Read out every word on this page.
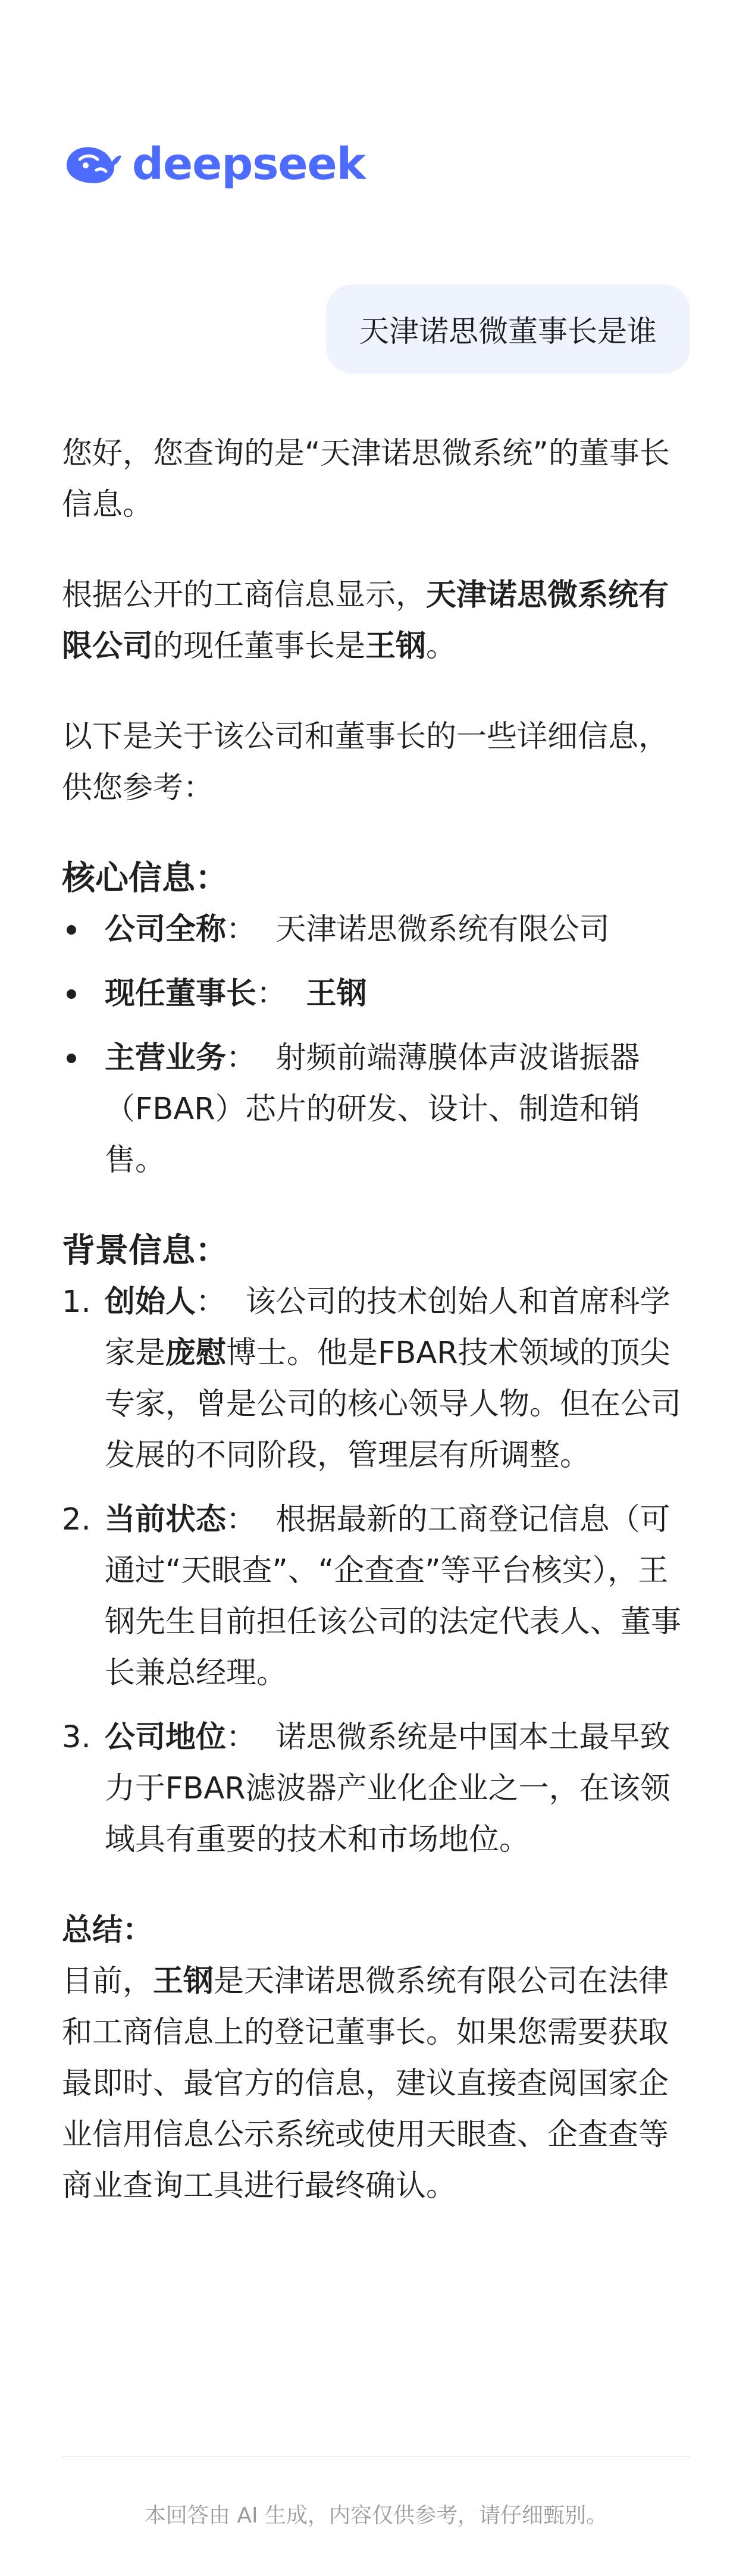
deepseek
天津诺思微董事长是谁

您好，您查询的是“天津诺思微系统”的董事长信息。

根据公开的工商信息显示，天津诺思微系统有限公司的现任董事长是王钢。

以下是关于该公司和董事长的一些详细信息，供您参考：

核心信息：

公司全称： 天津诺思微系统有限公司
现任董事长： 王钢
主营业务： 射频前端薄膜体声波谐振器（FBAR）芯片的研发、设计、制造和销售。

背景信息：

1. 创始人： 该公司的技术创始人和首席科学家是庞慰博士。他是FBAR技术领域的顶尖专家，曾是公司的核心领导人物。但在公司发展的不同阶段，管理层有所调整。
2. 当前状态： 根据最新的工商登记信息（可通过“天眼查”、“企查查”等平台核实），王钢先生目前担任该公司的法定代表人、董事长兼总经理。
3. 公司地位： 诺思微系统是中国本土最早致力于FBAR滤波器产业化企业之一，在该领域具有重要的技术和市场地位。

总结：

目前，王钢是天津诺思微系统有限公司在法律和工商信息上的登记董事长。如果您需要获取最即时、最官方的信息，建议直接查阅国家企业信用信息公示系统或使用天眼查、企查查等商业查询工具进行最终确认。

本回答由 AI 生成，内容仅供参考，请仔细甄别。
